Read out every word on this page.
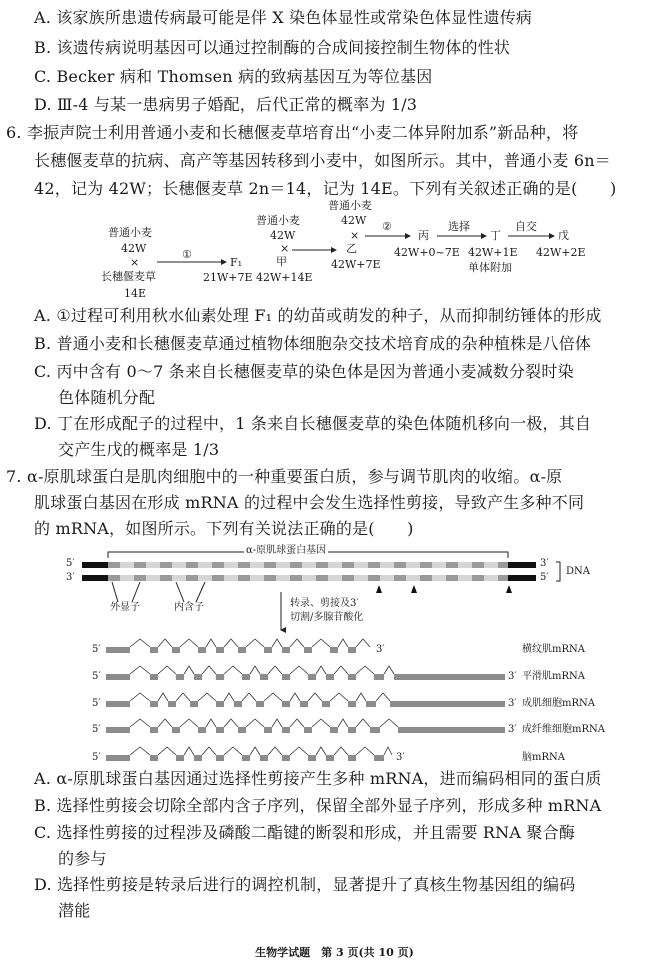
A. 该家族所患遗传病最可能是伴 X 染色体显性或常染色体显性遗传病
B. 该遗传病说明基因可以通过控制酶的合成间接控制生物体的性状
C. Becker 病和 Thomsen 病的致病基因互为等位基因
D. Ⅲ-4 与某一患病男子婚配，后代正常的概率为 1/3
6. 李振声院士利用普通小麦和长穗偃麦草培育出“小麦二体异附加系”新品种，将
长穗偃麦草的抗病、高产等基因转移到小麦中，如图所示。其中，普通小麦 6n＝
42，记为 42W；长穗偃麦草 2n＝14，记为 14E。下列有关叙述正确的是(　　)
普通小麦
42W
×
长穗偃麦草
14E
①
F₁
21W+7E
普通小麦
42W
×
甲
42W+14E
普通小麦
42W
×
乙
42W+7E
②
丙
42W+0~7E
选择
丁
42W+1E
单体附加
自交
戊
42W+2E
A. ①过程可利用秋水仙素处理 F₁ 的幼苗或萌发的种子，从而抑制纺锤体的形成
B. 普通小麦和长穗偃麦草通过植物体细胞杂交技术培育成的杂种植株是八倍体
C. 丙中含有 0～7 条来自长穗偃麦草的染色体是因为普通小麦减数分裂时染
色体随机分配
D. 丁在形成配子的过程中，1 条来自长穗偃麦草的染色体随机移向一极，其自
交产生戊的概率是 1/3
7. α-原肌球蛋白是肌肉细胞中的一种重要蛋白质，参与调节肌肉的收缩。α-原
肌球蛋白基因在形成 mRNA 的过程中会发生选择性剪接，导致产生多种不同
的 mRNA，如图所示。下列有关说法正确的是(　　)
α-原肌球蛋白基因
5′
3′
3′
5′
DNA
外显子	内含子	转录、剪接及3′
切割/多腺苷酸化
5′	3′	横纹肌mRNA
5′	3′ 平滑肌mRNA
5′	3′ 成肌细胞mRNA
5′	3′ 成纤维细胞mRNA
5′	3′	脑mRNA
A. α-原肌球蛋白基因通过选择性剪接产生多种 mRNA，进而编码相同的蛋白质
B. 选择性剪接会切除全部内含子序列，保留全部外显子序列，形成多种 mRNA
C. 选择性剪接的过程涉及磷酸二酯键的断裂和形成，并且需要 RNA 聚合酶
的参与
D. 选择性剪接是转录后进行的调控机制，显著提升了真核生物基因组的编码
潜能
生物学试题　第 3 页(共 10 页)
